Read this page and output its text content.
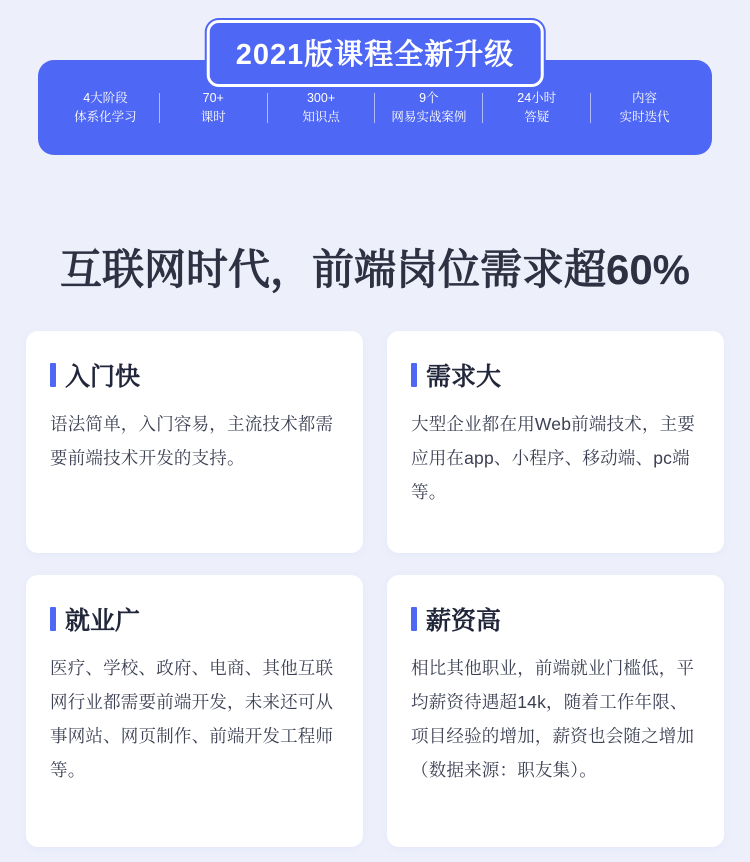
4大阶段
体系化学习
70+
课时
300+
知识点
9个
网易实战案例
24小时
答疑
内容
实时迭代
2021版课程全新升级
互联网时代，前端岗位需求超60%
入门快
语法简单，入门容易，主流技术都需要前端技术开发的支持。
需求大
大型企业都在用Web前端技术，主要应用在app、小程序、移动端、pc端等。
就业广
医疗、学校、政府、电商、其他互联网行业都需要前端开发，未来还可从事网站、网页制作、前端开发工程师等。
薪资高
相比其他职业，前端就业门槛低，平均薪资待遇超14k，随着工作年限、项目经验的增加，薪资也会随之增加（数据来源：职友集）。
